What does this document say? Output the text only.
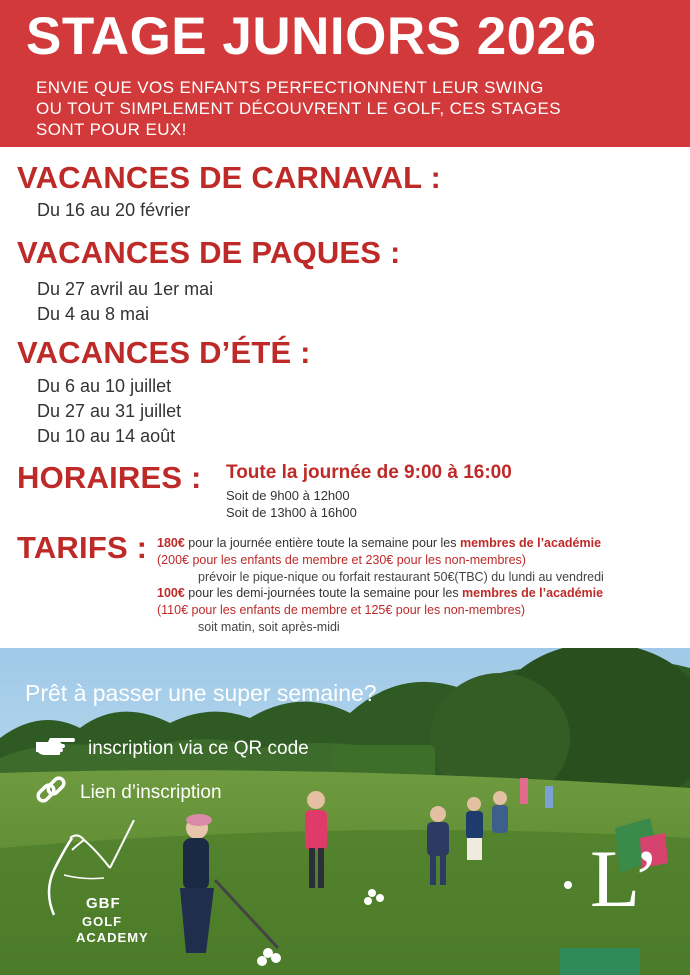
STAGE JUNIORS 2026
ENVIE QUE VOS ENFANTS PERFECTIONNENT LEUR SWING
OU TOUT SIMPLEMENT DÉCOUVRENT LE GOLF, CES STAGES
SONT POUR EUX!
VACANCES DE CARNAVAL :
Du 16 au 20 février
VACANCES DE PAQUES :
Du 27 avril au 1er mai
Du 4 au 8 mai
VACANCES D’ÉTÉ :
Du 6 au 10 juillet
Du 27 au 31 juillet
Du 10 au 14 août
HORAIRES : Toute la journée de 9:00 à 16:00
Soit de 9h00 à 12h00
Soit de 13h00 à 16h00
TARIFS : 180€ pour la journée entière toute la semaine pour les membres de l’académie
(200€ pour les enfants de membre et 230€ pour les non-membres)
prévoir le pique-nique ou forfait restaurant 50€(TBC) du lundi au vendredi
100€ pour les demi-journées toute la semaine pour les membres de l’académie
(110€ pour les enfants de membre et 125€ pour les non-membres)
soit matin, soit après-midi
Prêt à passer une super semaine?
inscription via ce QR code
Lien d’inscription
GBF
GOLF
ACADEMY
L’
